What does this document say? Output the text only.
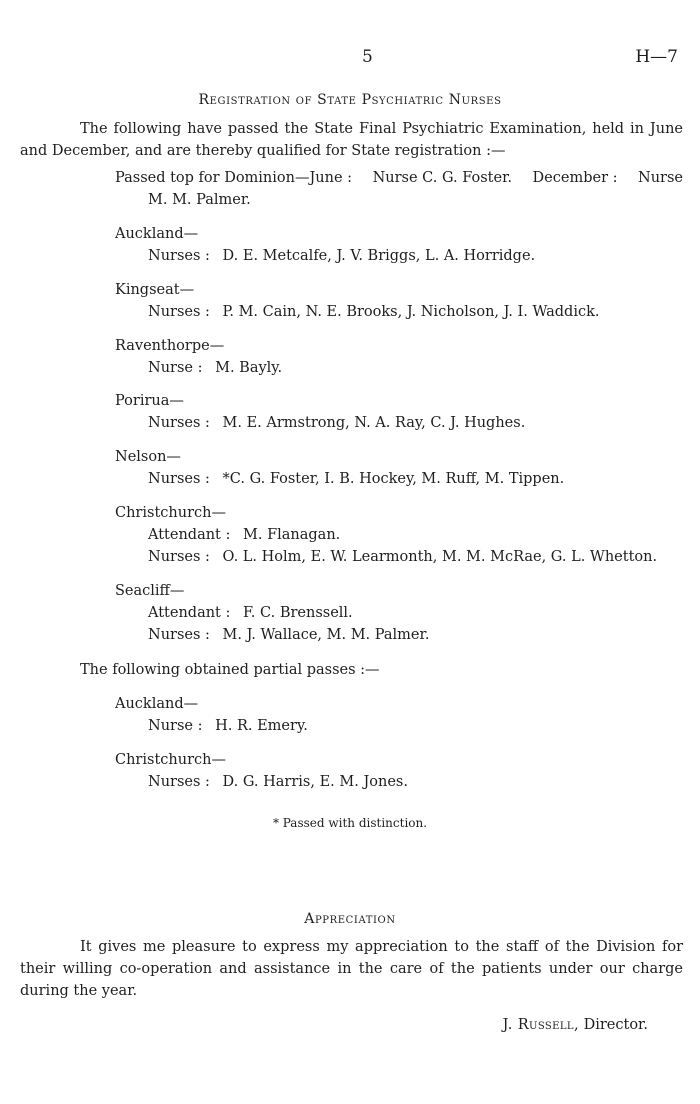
5	H—7
Registration of State Psychiatric Nurses

The following have passed the State Final Psychiatric Examination, held in June and December, and are thereby qualified for State registration :—

Passed top for Dominion—June : Nurse C. G. Foster. December : Nurse
M. M. Palmer.
Auckland—
Nurses : D. E. Metcalfe, J. V. Briggs, L. A. Horridge.
Kingseat—
Nurses : P. M. Cain, N. E. Brooks, J. Nicholson, J. I. Waddick.
Raventhorpe—
Nurse : M. Bayly.
Porirua—
Nurses : M. E. Armstrong, N. A. Ray, C. J. Hughes.
Nelson—
Nurses : *C. G. Foster, I. B. Hockey, M. Ruff, M. Tippen.
Christchurch—
Attendant : M. Flanagan.
Nurses : O. L. Holm, E. W. Learmonth, M. M. McRae, G. L. Whetton.
Seacliff—
Attendant : F. C. Brenssell.
Nurses : M. J. Wallace, M. M. Palmer.
The following obtained partial passes :—
Auckland—
Nurse : H. R. Emery.
Christchurch—
Nurses : D. G. Harris, E. M. Jones.
* Passed with distinction.
Appreciation

It gives me pleasure to express my appreciation to the staff of the Division for their willing co-operation and assistance in the care of the patients under our charge during the year.

J. Russell, Director.
